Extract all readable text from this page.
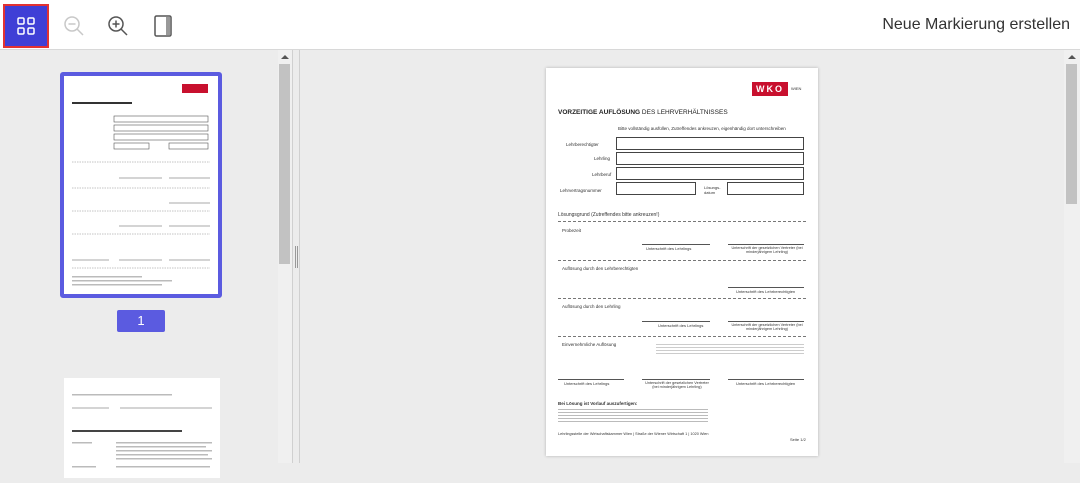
Neue Markierung erstellen
1
WKO	WIEN
VORZEITIGE AUFLÖSUNG DES LEHRVERHÄLTNISSES
Bitte vollständig ausfüllen, Zutreffendes ankreuzen, eigenhändig dort unterschreiben
Lehrberechtigter
Lehrling
Lehrberuf
Lehrvertragsnummer
Lösungs-datum
Lösungsgrund (Zutreffendes bitte ankreuzen!)
Probezeit
Unterschrift des Lehrlings	Unterschrift der gesetzlichen Vertreter (bei minderjährigem Lehrling)
Auflösung durch den Lehrberechtigten
Unterschrift des Lehrberechtigten
Auflösung durch den Lehrling
Unterschrift des Lehrlings	Unterschrift der gesetzlichen Vertreter (bei minderjährigem Lehrling)
Einvernehmliche Auflösung
Unterschrift des Lehrlings	Unterschrift der gesetzlichen Vertreter (bei minderjährigem Lehrling)
Unterschrift des Lehrberechtigten
Bei Lösung ist Vorlauf auszufertigen:
Lehrlingsstelle der Wirtschaftskammer Wien | Straße der Wiener Wirtschaft 1 | 1020 Wien
Seite 1/2
